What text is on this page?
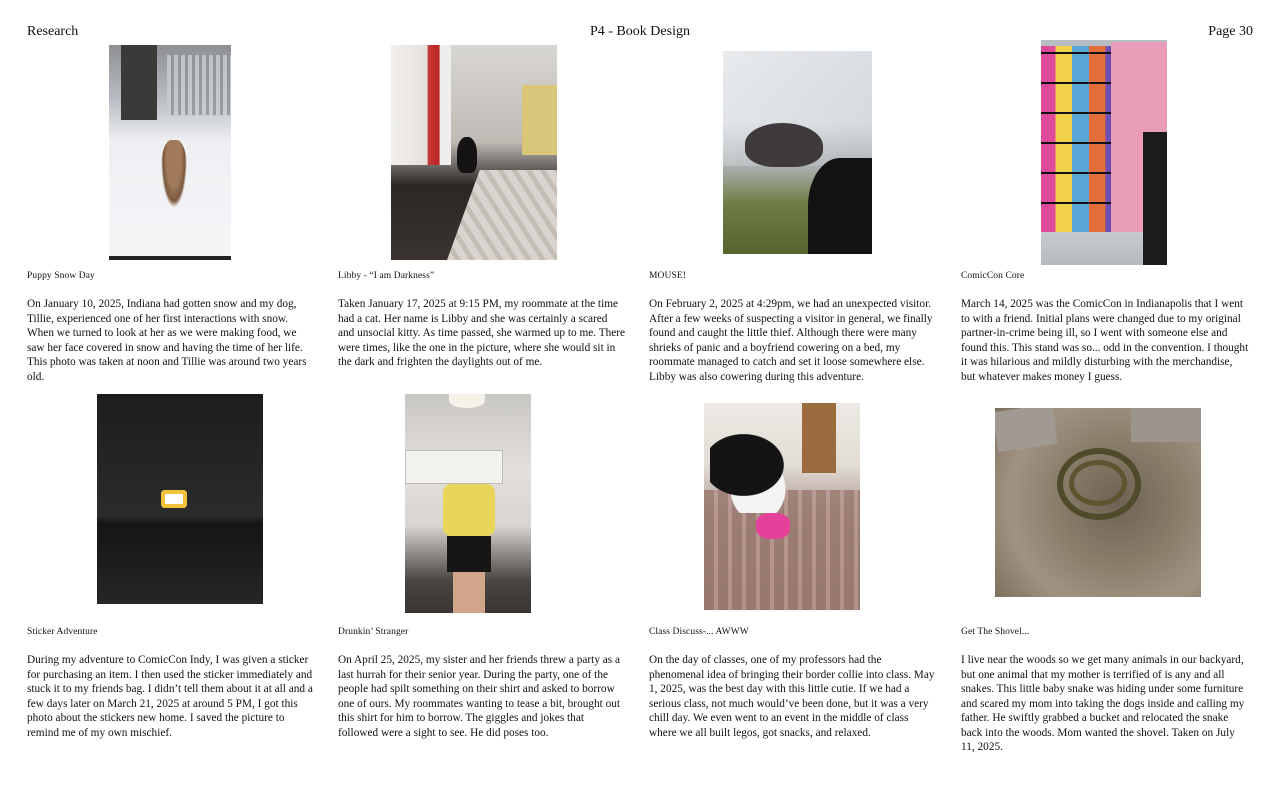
Research	P4 - Book Design	Page 30
Puppy Snow Day

On January 10, 2025, Indiana had gotten snow and my dog, Tillie, experienced one of her first interactions with snow. When we turned to look at her as we were making food, we saw her face covered in snow and having the time of her life. This photo was taken at noon and Tillie was around two years old.

Libby - “I am Darkness”

Taken January 17, 2025 at 9:15 PM, my roommate at the time had a cat. Her name is Libby and she was certainly a scared and unsocial kitty. As time passed, she warmed up to me. There were times, like the one in the picture, where she would sit in the dark and frighten the daylights out of me.

MOUSE!

On February 2, 2025 at 4:29pm, we had an unexpected visitor. After a few weeks of suspecting a visitor in general, we finally found and caught the little thief. Although there were many shrieks of panic and a boyfriend cowering on a bed, my roommate managed to catch and set it loose somewhere else. Libby was also cowering during this adventure.

ComicCon Core

March 14, 2025 was the ComicCon in Indianapolis that I went to with a friend. Initial plans were changed due to my original partner-in-crime being ill, so I went with someone else and found this. This stand was so... odd in the convention. I thought it was hilarious and mildly disturbing with the merchandise, but whatever makes money I guess.

Sticker Adventure

During my adventure to ComicCon Indy, I was given a sticker for purchasing an item. I then used the sticker immediately and stuck it to my friends bag. I didn’t tell them about it at all and a few days later on March 21, 2025 at around 5 PM, I got this photo about the stickers new home. I saved the picture to remind me of my own mischief.

Drunkin’ Stranger

On April 25, 2025, my sister and her friends threw a party as a last hurrah for their senior year. During the party, one of the people had spilt something on their shirt and asked to borrow one of ours. My roommates wanting to tease a bit, brought out this shirt for him to borrow. The giggles and jokes that followed were a sight to see. He did poses too.

Class Discuss-... AWWW

On the day of classes, one of my professors had the phenomenal idea of bringing their border collie into class. May 1, 2025, was the best day with this little cutie. If we had a serious class, not much would’ve been done, but it was a very chill day. We even went to an event in the middle of class where we all built legos, got snacks, and relaxed.

Get The Shovel...

I live near the woods so we get many animals in our backyard, but one animal that my mother is terrified of is any and all snakes. This little baby snake was hiding under some furniture and scared my mom into taking the dogs inside and calling my father. He swiftly grabbed a bucket and relocated the snake back into the woods. Mom wanted the shovel. Taken on July 11, 2025.
